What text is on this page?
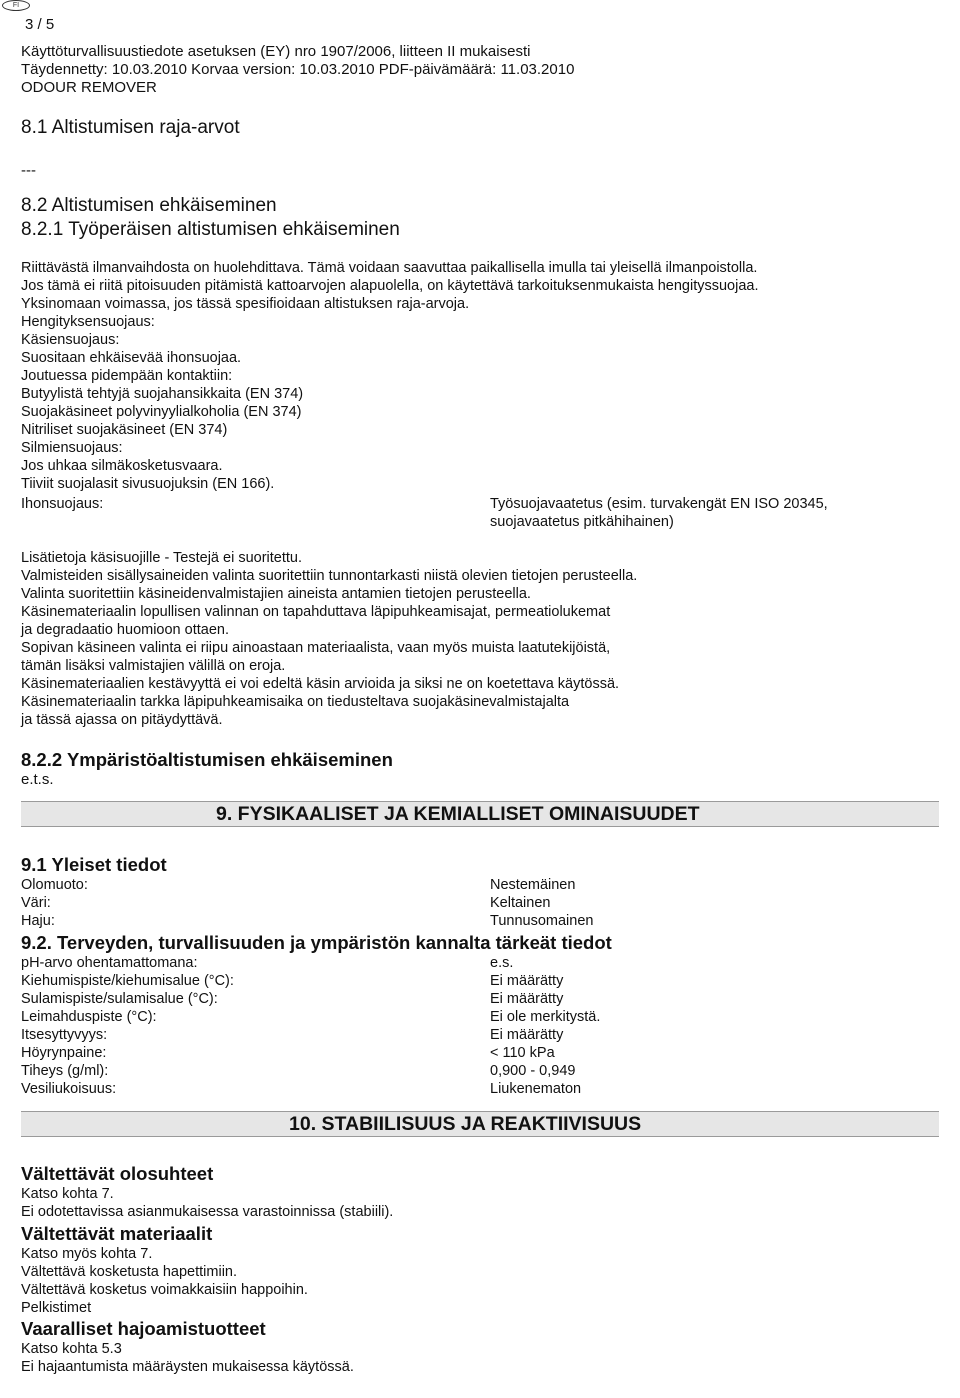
FI
3 / 5
Käyttöturvallisuustiedote asetuksen (EY) nro 1907/2006, liitteen II mukaisesti
Täydennetty: 10.03.2010 Korvaa version: 10.03.2010 PDF-päivämäärä: 11.03.2010
ODOUR REMOVER
8.1 Altistumisen raja-arvot
---
8.2 Altistumisen ehkäiseminen
8.2.1 Työperäisen altistumisen ehkäiseminen
Riittävästä ilmanvaihdosta on huolehdittava. Tämä voidaan saavuttaa paikallisella imulla tai yleisellä ilmanpoistolla.
Jos tämä ei riitä pitoisuuden pitämistä kattoarvojen alapuolella, on käytettävä tarkoituksenmukaista hengityssuojaa.
Yksinomaan voimassa, jos tässä spesifioidaan altistuksen raja-arvoja.
Hengityksensuojaus:
Käsiensuojaus:
Suositaan ehkäisevää ihonsuojaa.
Joutuessa pidempään kontaktiin:
Butyylistä tehtyjä suojahansikkaita (EN 374)
Suojakäsineet polyvinyylialkoholia (EN 374)
Nitriliset suojakäsineet (EN 374)
Silmiensuojaus:
Jos uhkaa silmäkosketusvaara.
Tiiviit suojalasit sivusuojuksin (EN 166).
Ihonsuojaus:	Työsuojavaatetus (esim. turvakengät EN ISO 20345,
suojavaatetus pitkähihainen)
Lisätietoja käsisuojille - Testejä ei suoritettu.
Valmisteiden sisällysaineiden valinta suoritettiin tunnontarkasti niistä olevien tietojen perusteella.
Valinta suoritettiin käsineidenvalmistajien aineista antamien tietojen perusteella.
Käsinemateriaalin lopullisen valinnan on tapahduttava läpipuhkeamisajat, permeatiolukemat
ja degradaatio huomioon ottaen.
Sopivan käsineen valinta ei riipu ainoastaan materiaalista, vaan myös muista laatutekijöistä,
tämän lisäksi valmistajien välillä on eroja.
Käsinemateriaalien kestävyyttä ei voi edeltä käsin arvioida ja siksi ne on koetettava käytössä.
Käsinemateriaalin tarkka läpipuhkeamisaika on tiedusteltava suojakäsinevalmistajalta
ja tässä ajassa on pitäydyttävä.
8.2.2 Ympäristöaltistumisen ehkäiseminen
e.t.s.
9. FYSIKAALISET JA KEMIALLISET OMINAISUUDET
9.1 Yleiset tiedot
Olomuoto:	Nestemäinen
Väri:	Keltainen
Haju:	Tunnusomainen
9.2. Terveyden, turvallisuuden ja ympäristön kannalta tärkeät tiedot
pH-arvo ohentamattomana:	e.s.
Kiehumispiste/kiehumisalue (°C):	Ei määrätty
Sulamispiste/sulamisalue (°C):	Ei määrätty
Leimahduspiste (°C):	Ei ole merkitystä.
Itsesyttyvyys:	Ei määrätty
Höyrynpaine:	< 110 kPa
Tiheys (g/ml):	0,900 - 0,949
Vesiliukoisuus:	Liukenematon
10. STABIILISUUS JA REAKTIIVISUUS
Vältettävät olosuhteet
Katso kohta 7.
Ei odotettavissa asianmukaisessa varastoinnissa (stabiili).
Vältettävät materiaalit
Katso myös kohta 7.
Vältettävä kosketusta hapettimiin.
Vältettävä kosketus voimakkaisiin happoihin.
Pelkistimet
Vaaralliset hajoamistuotteet
Katso kohta 5.3
Ei hajaantumista määräysten mukaisessa käytössä.
